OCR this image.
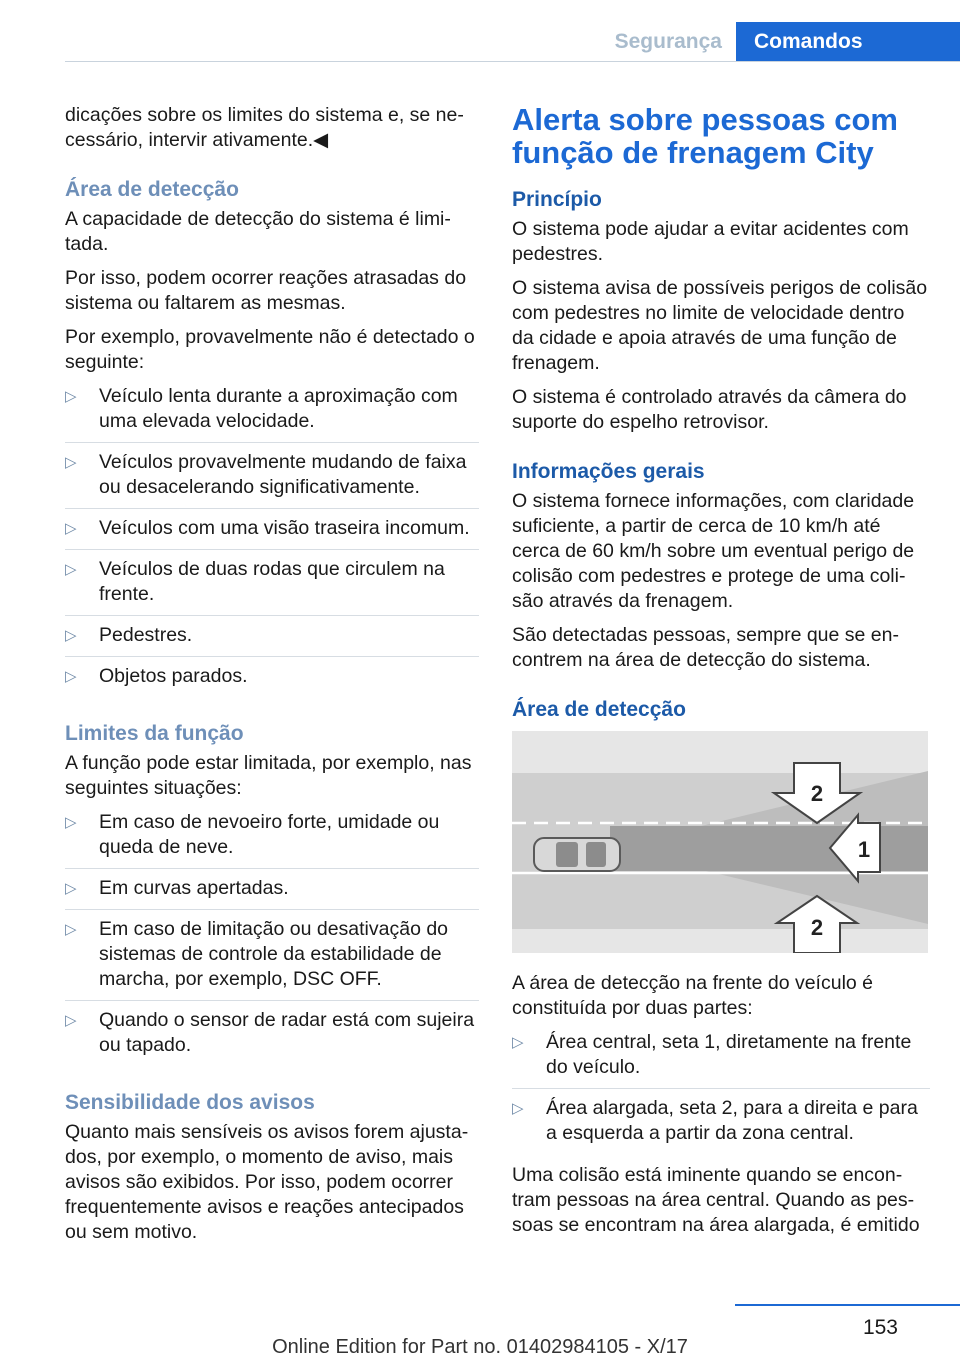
Segurança	Comandos

dicações sobre os limites do sistema e, se necessário, intervir ativamente.◀

Área de detecção

A capacidade de detecção do sistema é limitada.

Por isso, podem ocorrer reações atrasadas do sistema ou faltarem as mesmas.

Por exemplo, provavelmente não é detectado o seguinte:

▷ Veículo lenta durante a aproximação com uma elevada velocidade.
▷ Veículos provavelmente mudando de faixa ou desacelerando significativamente.
▷ Veículos com uma visão traseira incomum.
▷ Veículos de duas rodas que circulem na frente.
▷ Pedestres.
▷ Objetos parados.
Limites da função

A função pode estar limitada, por exemplo, nas seguintes situações:

▷ Em caso de nevoeiro forte, umidade ou queda de neve.
▷ Em curvas apertadas.
▷ Em caso de limitação ou desativação do sistemas de controle da estabilidade de marcha, por exemplo, DSC OFF.
▷ Quando o sensor de radar está com sujeira ou tapado.
Sensibilidade dos avisos

Quanto mais sensíveis os avisos forem ajustados, por exemplo, o momento de aviso, mais avisos são exibidos. Por isso, podem ocorrer frequentemente avisos e reações antecipados ou sem motivo.

Alerta sobre pessoas com função de frenagem City
Princípio

O sistema pode ajudar a evitar acidentes com pedestres.

O sistema avisa de possíveis perigos de colisão com pedestres no limite de velocidade dentro da cidade e apoia através de uma função de frenagem.

O sistema é controlado através da câmera do suporte do espelho retrovisor.

Informações gerais

O sistema fornece informações, com claridade suficiente, a partir de cerca de 10 km/h até cerca de 60 km/h sobre um eventual perigo de colisão com pedestres e protege de uma colisão através da frenagem.

São detectadas pessoas, sempre que se encontrem na área de detecção do sistema.

Área de detecção
2
1
2

A área de detecção na frente do veículo é constituída por duas partes:

▷ Área central, seta 1, diretamente na frente do veículo.
▷ Área alargada, seta 2, para a direita e para a esquerda a partir da zona central.

Uma colisão está iminente quando se encontram pessoas na área central. Quando as pessoas se encontram na área alargada, é emitido

153
Online Edition for Part no. 01402984105 - X/17
